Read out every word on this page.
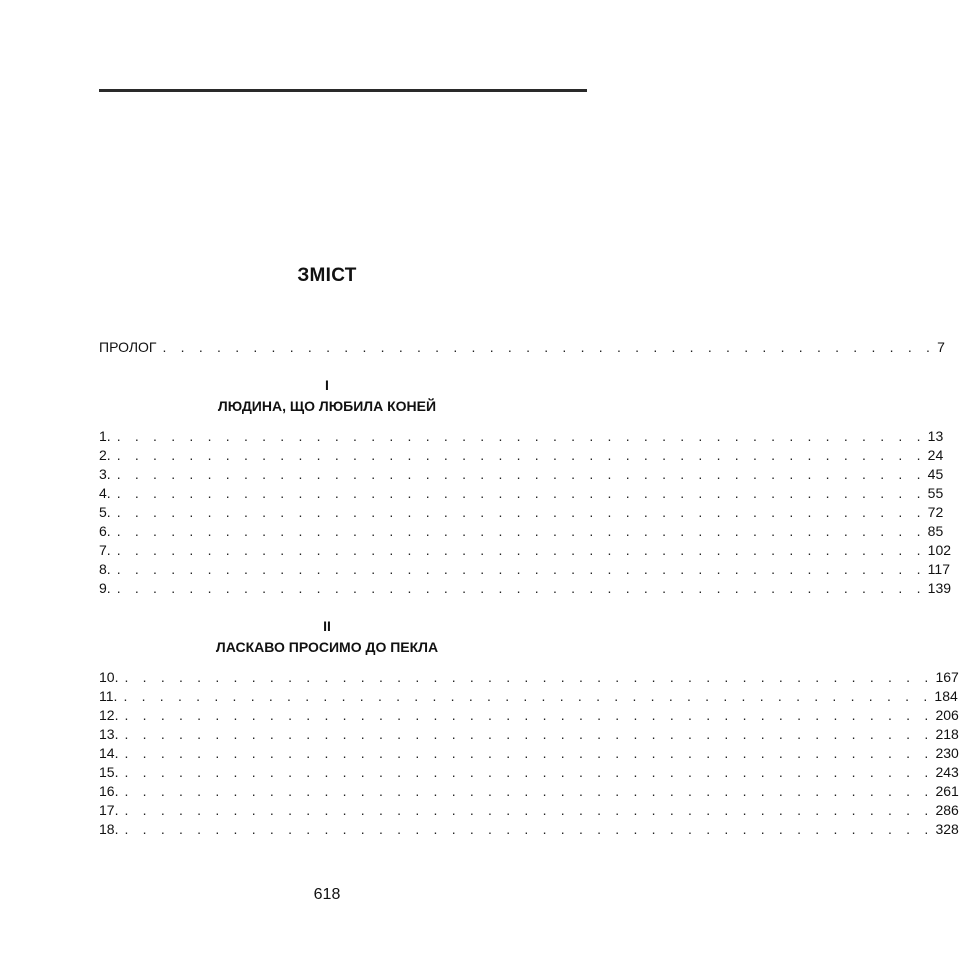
ЗМІСТ
ПРОЛОГ . . . . . . . . . . . . . . . . . . . . . . . . . . . . . . . . . . . . . . . . . . . 7
I
ЛЮДИНА, ЩО ЛЮБИЛА КОНЕЙ
1. . . . . . . . . . . . . . . . . . . . . . . . . . . . . . . . . . . . . . . . . . . . . . 13
2. . . . . . . . . . . . . . . . . . . . . . . . . . . . . . . . . . . . . . . . . . . . . . 24
3. . . . . . . . . . . . . . . . . . . . . . . . . . . . . . . . . . . . . . . . . . . . . . 45
4. . . . . . . . . . . . . . . . . . . . . . . . . . . . . . . . . . . . . . . . . . . . . . 55
5. . . . . . . . . . . . . . . . . . . . . . . . . . . . . . . . . . . . . . . . . . . . . . 72
6. . . . . . . . . . . . . . . . . . . . . . . . . . . . . . . . . . . . . . . . . . . . . . 85
7. . . . . . . . . . . . . . . . . . . . . . . . . . . . . . . . . . . . . . . . . . . . . . 102
8. . . . . . . . . . . . . . . . . . . . . . . . . . . . . . . . . . . . . . . . . . . . . . 117
9. . . . . . . . . . . . . . . . . . . . . . . . . . . . . . . . . . . . . . . . . . . . . . 139
II
ЛАСКАВО ПРОСИМО ДО ПЕКЛА
10. . . . . . . . . . . . . . . . . . . . . . . . . . . . . . . . . . . . . . . . . . . . . . 167
11. . . . . . . . . . . . . . . . . . . . . . . . . . . . . . . . . . . . . . . . . . . . . . 184
12. . . . . . . . . . . . . . . . . . . . . . . . . . . . . . . . . . . . . . . . . . . . . . 206
13. . . . . . . . . . . . . . . . . . . . . . . . . . . . . . . . . . . . . . . . . . . . . . 218
14. . . . . . . . . . . . . . . . . . . . . . . . . . . . . . . . . . . . . . . . . . . . . . 230
15. . . . . . . . . . . . . . . . . . . . . . . . . . . . . . . . . . . . . . . . . . . . . . 243
16. . . . . . . . . . . . . . . . . . . . . . . . . . . . . . . . . . . . . . . . . . . . . . 261
17. . . . . . . . . . . . . . . . . . . . . . . . . . . . . . . . . . . . . . . . . . . . . . 286
18. . . . . . . . . . . . . . . . . . . . . . . . . . . . . . . . . . . . . . . . . . . . . . 328
618
